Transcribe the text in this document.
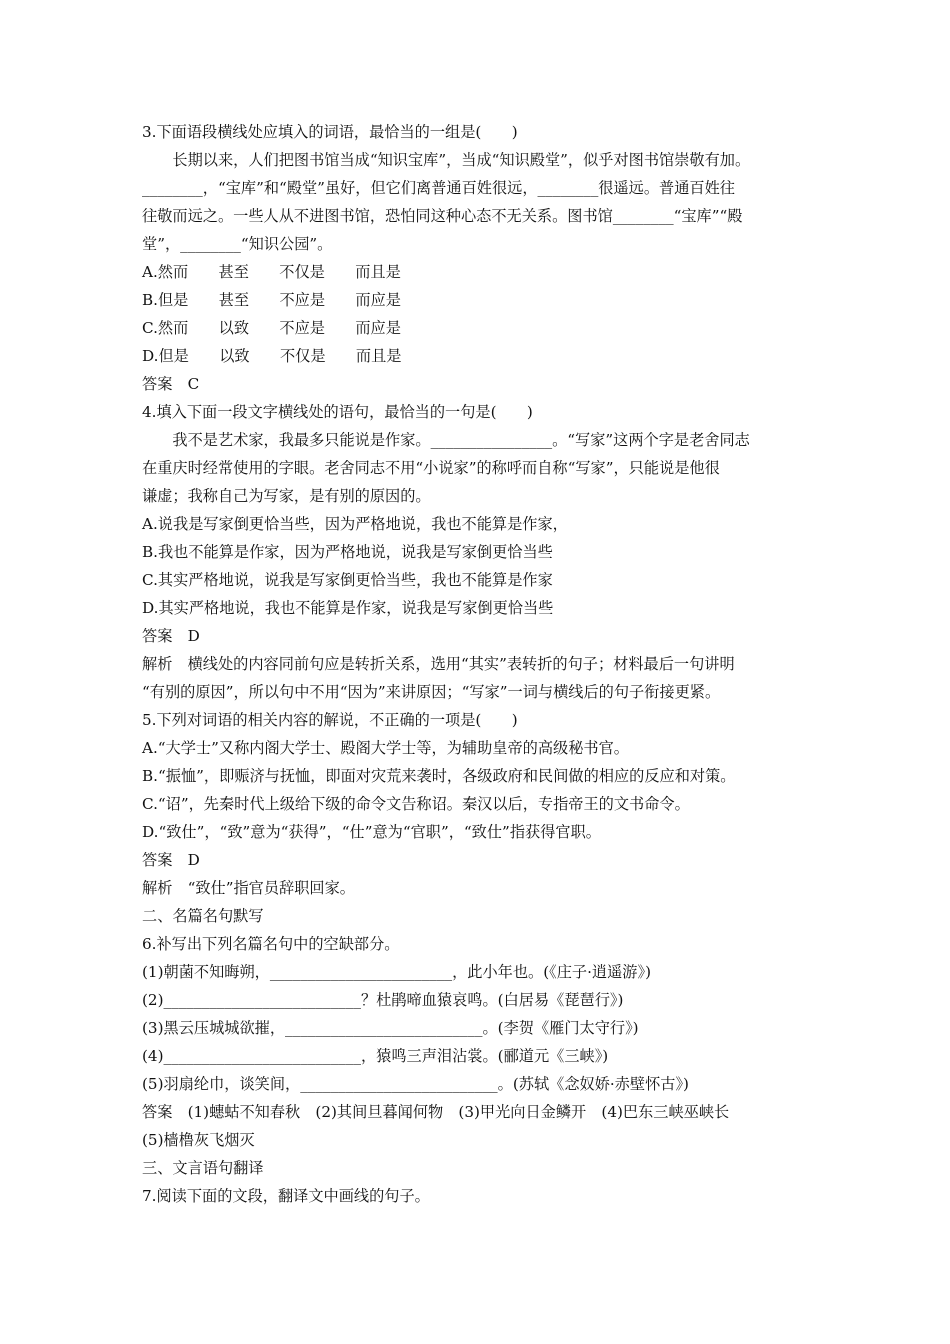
3.下面语段横线处应填入的词语，最恰当的一组是(　　)
　　长期以来，人们把图书馆当成“知识宝库”，当成“知识殿堂”，似乎对图书馆崇敬有加。
________，“宝库”和“殿堂”虽好，但它们离普通百姓很远，________很遥远。普通百姓往
往敬而远之。一些人从不进图书馆，恐怕同这种心态不无关系。图书馆________“宝库”“殿
堂”，________“知识公园”。
A.然而　　甚至　　不仅是　　而且是
B.但是　　甚至　　不应是　　而应是
C.然而　　以致　　不应是　　而应是
D.但是　　以致　　不仅是　　而且是
答案　C
4.填入下面一段文字横线处的语句，最恰当的一句是(　　)
　　我不是艺术家，我最多只能说是作家。________________。“写家”这两个字是老舍同志
在重庆时经常使用的字眼。老舍同志不用“小说家”的称呼而自称“写家”，只能说是他很
谦虚；我称自己为写家，是有别的原因的。
A.说我是写家倒更恰当些，因为严格地说，我也不能算是作家，
B.我也不能算是作家，因为严格地说，说我是写家倒更恰当些
C.其实严格地说，说我是写家倒更恰当些，我也不能算是作家
D.其实严格地说，我也不能算是作家，说我是写家倒更恰当些
答案　D
解析　横线处的内容同前句应是转折关系，选用“其实”表转折的句子；材料最后一句讲明
“有别的原因”，所以句中不用“因为”来讲原因；“写家”一词与横线后的句子衔接更紧。
5.下列对词语的相关内容的解说，不正确的一项是(　　)
A.“大学士”又称内阁大学士、殿阁大学士等，为辅助皇帝的高级秘书官。
B.“振恤”，即赈济与抚恤，即面对灾荒来袭时，各级政府和民间做的相应的反应和对策。
C.“诏”，先秦时代上级给下级的命令文告称诏。秦汉以后，专指帝王的文书命令。
D.“致仕”，“致”意为“获得”，“仕”意为“官职”，“致仕”指获得官职。
答案　D
解析　“致仕”指官员辞职回家。
二、名篇名句默写
6.补写出下列名篇名句中的空缺部分。
(1)朝菌不知晦朔，________________________，此小年也。(《庄子·逍遥游》)
(2)__________________________？杜鹃啼血猿哀鸣。(白居易《琵琶行》)
(3)黑云压城城欲摧，__________________________。(李贺《雁门太守行》)
(4)__________________________，猿鸣三声泪沾裳。(郦道元《三峡》)
(5)羽扇纶巾，谈笑间，__________________________。(苏轼《念奴娇·赤壁怀古》)
答案　(1)蟪蛄不知春秋　(2)其间旦暮闻何物　(3)甲光向日金鳞开　(4)巴东三峡巫峡长
(5)樯橹灰飞烟灭
三、文言语句翻译
7.阅读下面的文段，翻译文中画线的句子。
